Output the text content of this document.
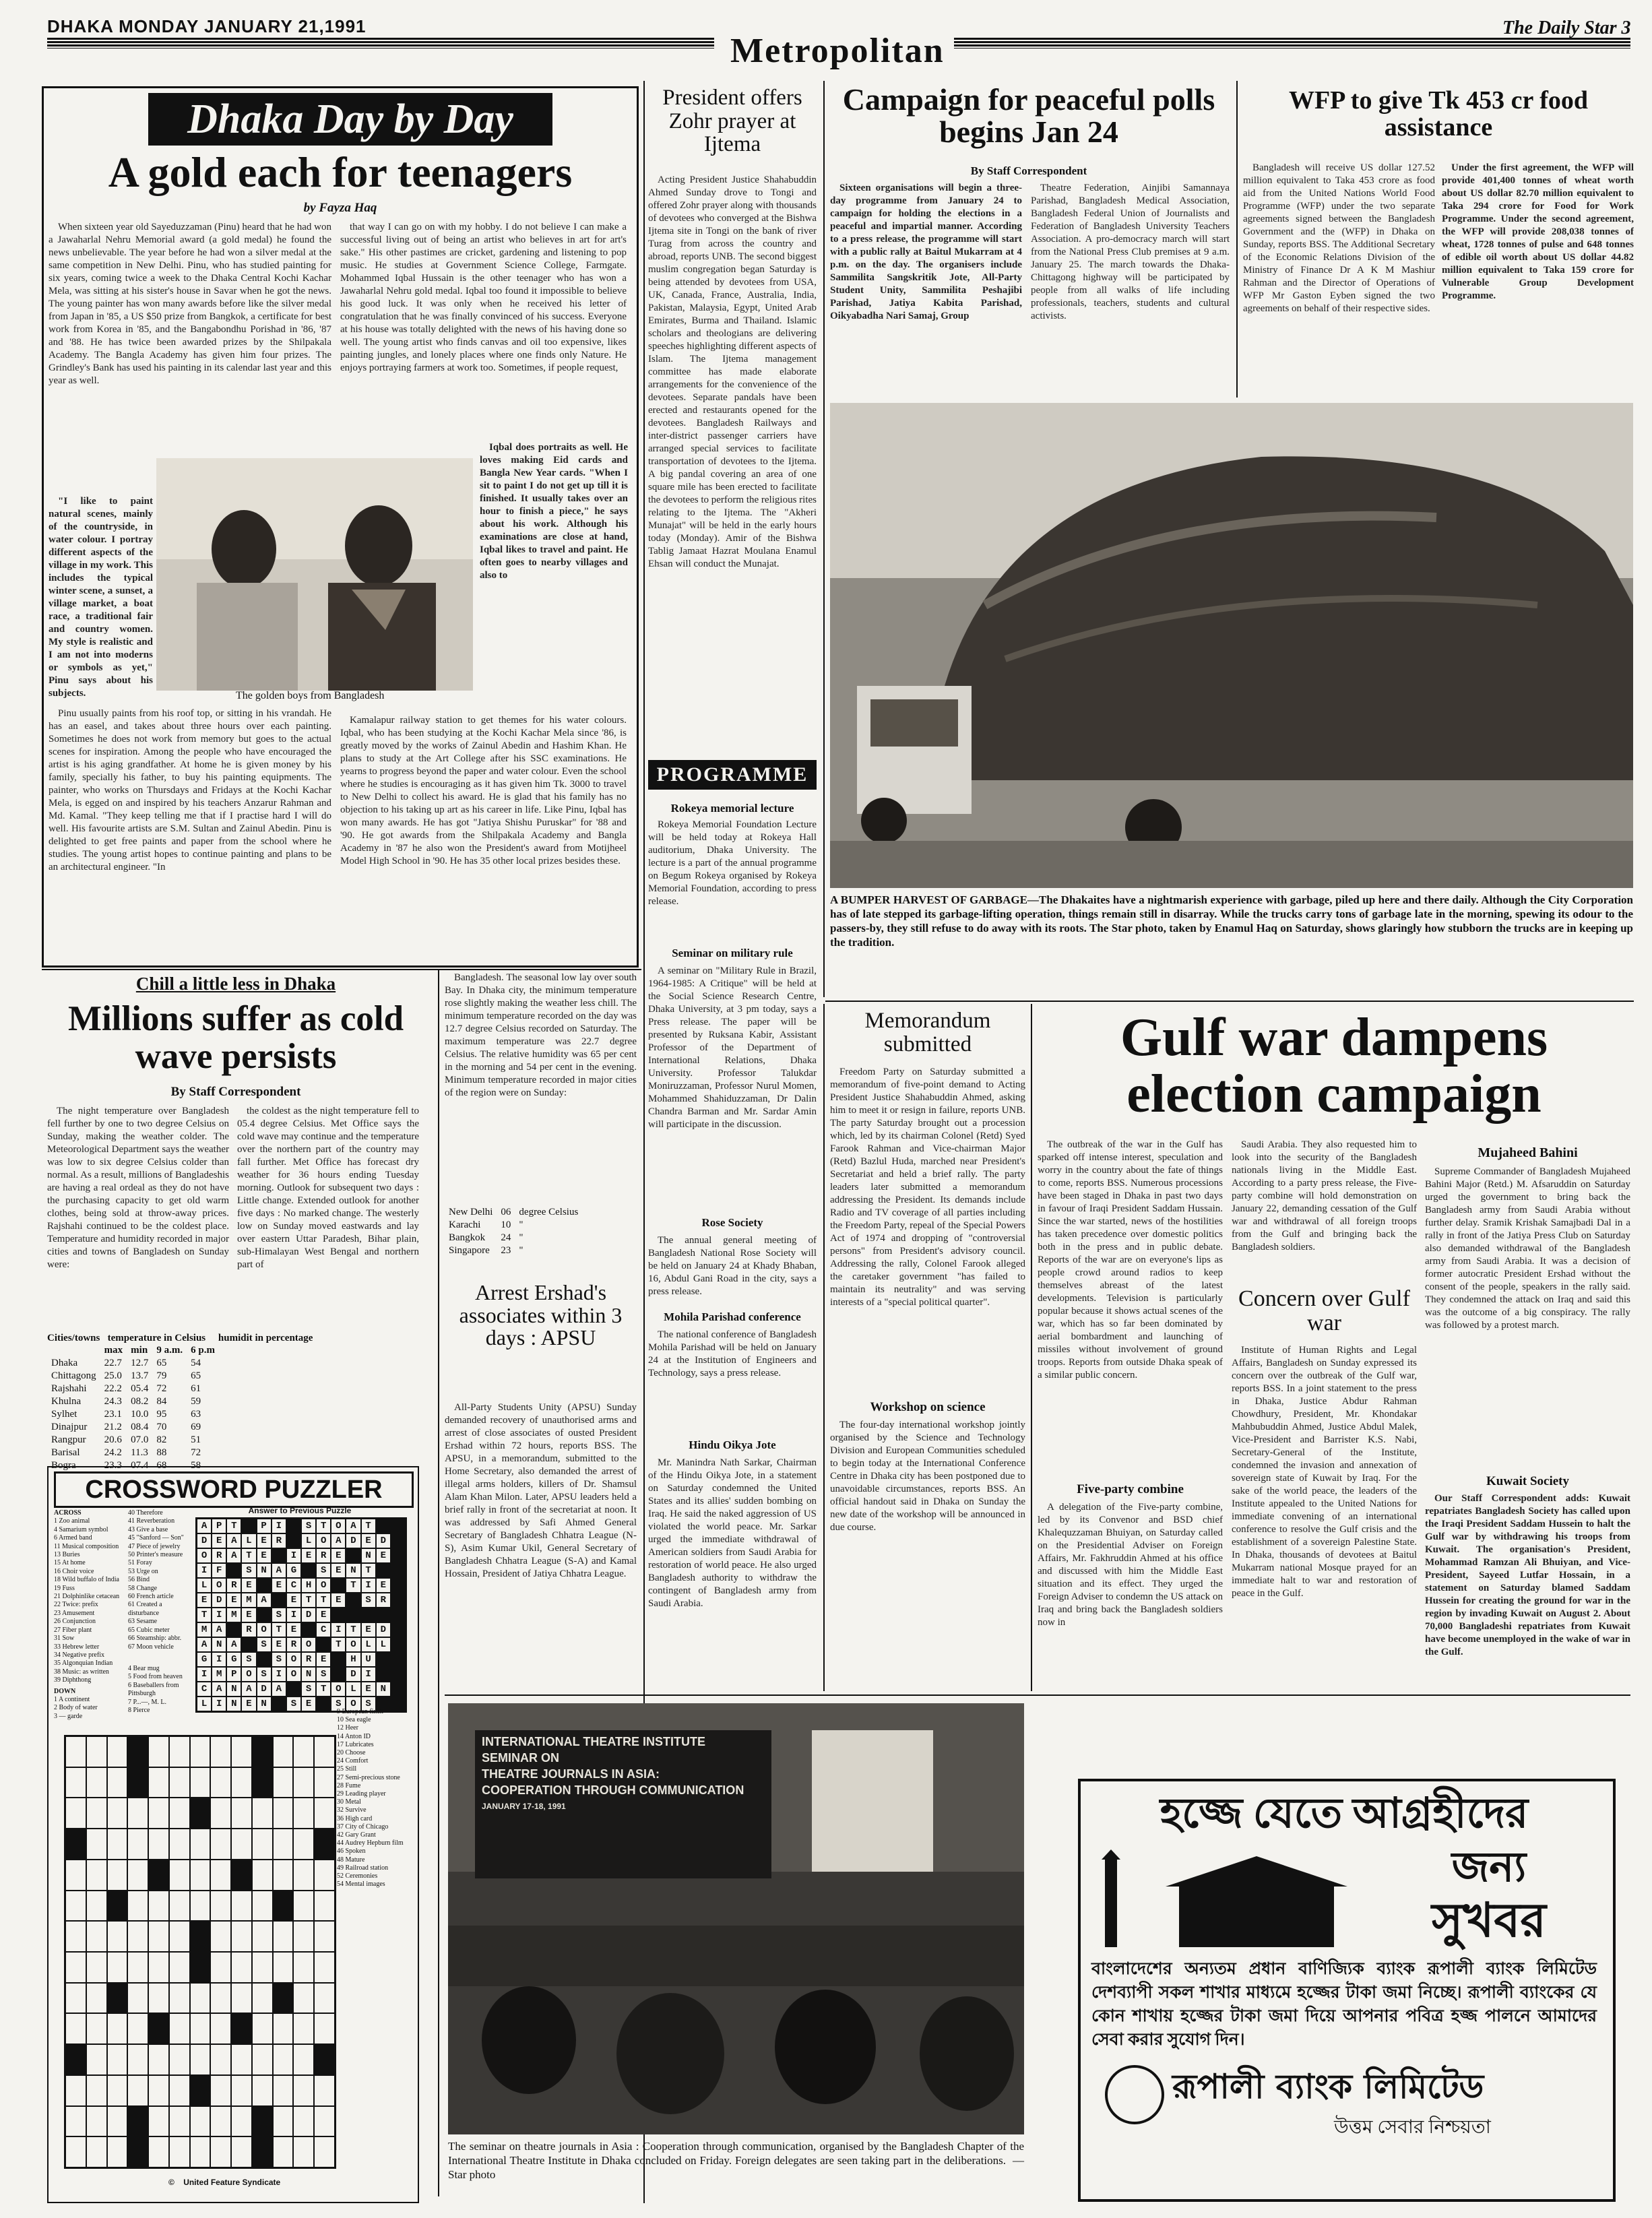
DHAKA MONDAY JANUARY 21,1991
Metropolitan
The Daily Star 3
Dhaka Day by Day
A gold each for teenagers
by Fayza Haq

When sixteen year old Sayeduzzaman (Pinu) heard that he had won a Jawaharlal Nehru Memorial award (a gold medal) he found the news unbelievable. The year before he had won a silver medal at the same competition in New Delhi. Pinu, who has studied painting for six years, coming twice a week to the Dhaka Central Kochi Kachar Mela, was sitting at his sister's house in Savar when he got the news. The young painter has won many awards before like the silver medal from Japan in '85, a US $50 prize from Bangkok, a certificate for best work from Korea in '85, and the Bangabondhu Porishad in '86, '87 and '88. He has twice been awarded prizes by the Shilpakala Academy. The Bangla Academy has given him four prizes. The Grindley's Bank has used his painting in its calendar last year and this year as well.

that way I can go on with my hobby. I do not believe I can make a successful living out of being an artist who believes in art for art's sake." His other pastimes are cricket, gardening and listening to pop music. He studies at Government Science College, Farmgate. Mohammed Iqbal Hussain is the other teenager who has won a Jawaharlal Nehru gold medal. Iqbal too found it impossible to believe his good luck. It was only when he received his letter of congratulation that he was finally convinced of his success. Everyone at his house was totally delighted with the news of his having done so well. The young artist who finds canvas and oil too expensive, likes painting jungles, and lonely places where one finds only Nature. He enjoys portraying farmers at work too. Sometimes, if people request,

"I like to paint natural scenes, mainly of the countryside, in water colour. I portray different aspects of the village in my work. This includes the typical winter scene, a sunset, a village market, a boat race, a traditional fair and country women. My style is realistic and I am not into moderns or symbols as yet," Pinu says about his subjects.	The golden boys from Bangladesh

Iqbal does portraits as well. He loves making Eid cards and Bangla New Year cards. "When I sit to paint I do not get up till it is finished. It usually takes over an hour to finish a piece," he says about his work. Although his examinations are close at hand, Iqbal likes to travel and paint. He often goes to nearby villages and also to

Pinu usually paints from his roof top, or sitting in his vrandah. He has an easel, and takes about three hours over each painting. Sometimes he does not work from memory but goes to the actual scenes for inspiration. Among the people who have encouraged the artist is his aging grandfather. At home he is given money by his family, specially his father, to buy his painting equipments. The painter, who works on Thursdays and Fridays at the Kochi Kachar Mela, is egged on and inspired by his teachers Anzarur Rahman and Md. Kamal. "They keep telling me that if I practise hard I will do well. His favourite artists are S.M. Sultan and Zainul Abedin. Pinu is delighted to get free paints and paper from the school where he studies. The young artist hopes to continue painting and plans to be an architectural engineer. "In

Kamalapur railway station to get themes for his water colours. Iqbal, who has been studying at the Kochi Kachar Mela since '86, is greatly moved by the works of Zainul Abedin and Hashim Khan. He plans to study at the Art College after his SSC examinations. He yearns to progress beyond the paper and water colour. Even the school where he studies is encouraging as it has given him Tk. 3000 to travel to New Delhi to collect his award. He is glad that his family has no objection to his taking up art as his career in life. Like Pinu, Iqbal has won many awards. He has got "Jatiya Shishu Puruskar" for '88 and '90. He got awards from the Shilpakala Academy and Bangla Academy in '87 he also won the President's award from Motijheel Model High School in '90. He has 35 other local prizes besides these.

President offers Zohr prayer at Ijtema

Acting President Justice Shahabuddin Ahmed Sunday drove to Tongi and offered Zohr prayer along with thousands of devotees who converged at the Bishwa Ijtema site in Tongi on the bank of river Turag from across the country and abroad, reports UNB. The second biggest muslim congregation began Saturday is being attended by devotees from USA, UK, Canada, France, Australia, India, Pakistan, Malaysia, Egypt, United Arab Emirates, Burma and Thailand. Islamic scholars and theologians are delivering speeches highlighting different aspects of Islam. The Ijtema management committee has made elaborate arrangements for the convenience of the devotees. Separate pandals have been erected and restaurants opened for the devotees. Bangladesh Railways and inter-district passenger carriers have arranged special services to facilitate transportation of devotees to the Ijtema. A big pandal covering an area of one square mile has been erected to facilitate the devotees to perform the religious rites relating to the Ijtema. The "Akheri Munajat" will be held in the early hours today (Monday). Amir of the Bishwa Tablig Jamaat Hazrat Moulana Enamul Ehsan will conduct the Munajat.

PROGRAMME
Rokeya memorial lecture

Rokeya Memorial Foundation Lecture will be held today at Rokeya Hall auditorium, Dhaka University. The lecture is a part of the annual programme on Begum Rokeya organised by Rokeya Memorial Foundation, according to press release.

Seminar on military rule

A seminar on "Military Rule in Brazil, 1964-1985: A Critique" will be held at the Social Science Research Centre, Dhaka University, at 3 pm today, says a Press release. The paper will be presented by Ruksana Kabir, Assistant Professor of the Department of International Relations, Dhaka University. Professor Talukdar Moniruzzaman, Professor Nurul Momen, Mohammed Shahiduzzaman, Dr Dalin Chandra Barman and Mr. Sardar Amin will participate in the discussion.

Rose Society

The annual general meeting of Bangladesh National Rose Society will be held on January 24 at Khady Bhaban, 16, Abdul Gani Road in the city, says a press release.

Mohila Parishad conference

The national conference of Bangladesh Mohila Parishad will be held on January 24 at the Institution of Engineers and Technology, says a press release.

Hindu Oikya Jote

Mr. Manindra Nath Sarkar, Chairman of the Hindu Oikya Jote, in a statement on Saturday condemned the United States and its allies' sudden bombing on Iraq. He said the naked aggression of US violated the world peace. Mr. Sarkar urged the immediate withdrawal of American soldiers from Saudi Arabia for restoration of world peace. He also urged Bangladesh authority to withdraw the contingent of Bangladesh army from Saudi Arabia.

Campaign for peaceful polls begins Jan 24
By Staff Correspondent

Sixteen organisations will begin a three-day programme from January 24 to campaign for holding the elections in a peaceful and impartial manner. According to a press release, the programme will start with a public rally at Baitul Mukarram at 4 p.m. on the day. The organisers include Sammilita Sangskritik Jote, All-Party Student Unity, Sammilita Peshajibi Parishad, Jatiya Kabita Parishad, Oikyabadha Nari Samaj, Group

Theatre Federation, Ainjibi Samannaya Parishad, Bangladesh Medical Association, Bangladesh Federal Union of Journalists and Federation of Bangladesh University Teachers Association. A pro-democracy march will start from the National Press Club premises at 9 a.m. January 25. The march towards the Dhaka-Chittagong highway will be participated by people from all walks of life including professionals, teachers, students and cultural activists.

WFP to give Tk 453 cr food assistance

Bangladesh will receive US dollar 127.52 million equivalent to Taka 453 crore as food aid from the United Nations World Food Programme (WFP) under the two separate agreements signed between the Bangladesh Government and the (WFP) in Dhaka on Sunday, reports BSS. The Additional Secretary of the Economic Relations Division of the Ministry of Finance Dr A K M Mashiur Rahman and the Director of Operations of WFP Mr Gaston Eyben signed the two agreements on behalf of their respective sides.

Under the first agreement, the WFP will provide 401,400 tonnes of wheat worth about US dollar 82.70 million equivalent to Taka 294 crore for Food for Work Programme. Under the second agreement, the WFP will provide 208,038 tonnes of wheat, 1728 tonnes of pulse and 648 tonnes of edible oil worth about US dollar 44.82 million equivalent to Taka 159 crore for Vulnerable Group Development Programme.

A BUMPER HARVEST OF GARBAGE—The Dhakaites have a nightmarish experience with garbage, piled up here and there daily. Although the City Corporation has of late stepped its garbage-lifting operation, things remain still in disarray. While the trucks carry tons of garbage late in the morning, spewing its odour to the passers-by, they still refuse to do away with its roots. The Star photo, taken by Enamul Haq on Saturday, shows glaringly how stubborn the trucks are in keeping up the tradition.
Chill a little less in Dhaka
Millions suffer as cold wave persists
By Staff Correspondent

The night temperature over Bangladesh fell further by one to two degree Celsius on Sunday, making the weather colder. The Meteorological Department says the weather was low to six degree Celsius colder than normal. As a result, millions of Bangladeshis are having a real ordeal as they do not have the purchasing capacity to get old warm clothes, being sold at throw-away prices. Rajshahi continued to be the coldest place. Temperature and humidity recorded in major cities and towns of Bangladesh on Sunday were:

the coldest as the night temperature fell to 05.4 degree Celsius. Met Office says the cold wave may continue and the temperature over the northern part of the country may fall further. Met Office has forecast dry weather for 36 hours ending Tuesday morning. Outlook for subsequent two days : Little change. Extended outlook for another five days : No marked change. The westerly low on Sunday moved eastwards and lay over eastern Uttar Paradesh, Bihar plain, sub-Himalayan West Bengal and northern part of

Bangladesh. The seasonal low lay over south Bay. In Dhaka city, the minimum temperature rose slightly making the weather less chill. The minimum temperature recorded on the day was 12.7 degree Celsius recorded on Saturday. The maximum temperature was 22.7 degree Celsius. The relative humidity was 65 per cent in the morning and 54 per cent in the evening. Minimum temperature recorded in major cities of the region were on Sunday:

New Delhi	06	degree Celsius
Karachi	10	"
Bangkok	24	"
Singapore	23	"
Cities/towns temperature in Celsius humidit in percentage
	max	min	9 a.m.	6 p.m
Dhaka	22.7	12.7	65	54
Chittagong	25.0	13.7	79	65
Rajshahi	22.2	05.4	72	61
Khulna	24.3	08.2	84	59
Sylhet	23.1	10.0	95	63
Dinajpur	21.2	08.4	70	69
Rangpur	20.6	07.0	82	51
Barisal	24.2	11.3	88	72
Bogra	23.3	07.4	68	58
CROSSWORD PUZZLER
ACROSS
1 Zoo animal
4 Samarium symbol
6 Armed band
11 Musical composition
13 Buries
15 At home
16 Choir voice
18 Wild buffalo of India
19 Fuss
21 Dolphinlike cetacean
22 Twice: prefix
23 Amusement
26 Conjunction
27 Fiber plant
31 Sow
33 Hebrew letter
34 Negative prefix
35 Algonquian Indian
38 Music: as written
39 Diphthong
DOWN
1 A continent
2 Body of water
3 — garde
40 Therefore
41 Reverberation
43 Give a base
45 "Sanford — Son"
47 Piece of jewelry
50 Printer's measure
51 Foray
53 Urge on
56 Bind
58 Change
60 French article
61 Created a disturbance
63 Sesame
65 Cubic meter
66 Steamship: abbr.
67 Moon vehicle
4 Bear mug
5 Food from heaven
6 Baseballers from Pittsburgh
7 P...—, M. L.
8 Pierce
Answer to Previous Puzzle
A P T	P I	S T O A T
D E A L E R	L O A D E D
O R A T E	I E R E	N E
I F	S N A G	S E N T
L O R E	E C H O	T I E
E D E M A	E T T E	S R
T I M E	S I D E
M A	R O T E	C I T E D
A N A	S E R O	T O L L
G I G S	S O R E	H U
I M P O S I O N S	D I
C A N A D A	S T O L E N
L I N E N	S E	S O S
9 European finch
10 Sea eagle
12 Heer
14 Anton ID
17 Lubricates
20 Choose
24 Comfort
25 Still
27 Semi-precious stone
28 Fume
29 Leading player
30 Metal
32 Survive
36 High card
37 City of Chicago
42 Gary Grant
44 Audrey Hepburn film
46 Spoken
48 Mature
49 Railroad station
52 Ceremonies
54 Mental images
© United Feature Syndicate
Arrest Ershad's associates within 3 days : APSU

All-Party Students Unity (APSU) Sunday demanded recovery of unauthorised arms and arrest of close associates of ousted President Ershad within 72 hours, reports BSS. The APSU, in a memorandum, submitted to the Home Secretary, also demanded the arrest of illegal arms holders, killers of Dr. Shamsul Alam Khan Milon. Later, APSU leaders held a brief rally in front of the secretariat at noon. It was addressed by Safi Ahmed General Secretary of Bangladesh Chhatra League (N-S), Asim Kumar Ukil, General Secretary of Bangladesh Chhatra League (S-A) and Kamal Hossain, President of Jatiya Chhatra League.

Memorandum submitted

Freedom Party on Saturday submitted a memorandum of five-point demand to Acting President Justice Shahabuddin Ahmed, asking him to meet it or resign in failure, reports UNB. The party Saturday brought out a procession which, led by its chairman Colonel (Retd) Syed Farook Rahman and Vice-chairman Major (Retd) Bazlul Huda, marched near President's Secretariat and held a brief rally. The party leaders later submitted a memorandum addressing the President. Its demands include Radio and TV coverage of all parties including the Freedom Party, repeal of the Special Powers Act of 1974 and dropping of "controversial persons" from President's advisory council. Addressing the rally, Colonel Farook alleged the caretaker government "has failed to maintain its neutrality" and was serving interests of a "special political quarter".

Workshop on science

The four-day international workshop jointly organised by the Science and Technology Division and European Communities scheduled to begin today at the International Conference Centre in Dhaka city has been postponed due to unavoidable circumstances, reports BSS. An official handout said in Dhaka on Sunday the new date of the workshop will be announced in due course.

Gulf war dampens election campaign

The outbreak of the war in the Gulf has sparked off intense interest, speculation and worry in the country about the fate of things to come, reports BSS. Numerous processions have been staged in Dhaka in past two days in favour of Iraqi President Saddam Hussain. Since the war started, news of the hostilities has taken precedence over domestic politics both in the press and in public debate. Reports of the war are on everyone's lips as people crowd around radios to keep themselves abreast of the latest developments. Television is particularly popular because it shows actual scenes of the war, which has so far been dominated by aerial bombardment and launching of missiles without involvement of ground troops. Reports from outside Dhaka speak of a similar public concern.

Five-party combine

A delegation of the Five-party combine, led by its Convenor and BSD chief Khalequzzaman Bhuiyan, on Saturday called on the Presidential Adviser on Foreign Affairs, Mr. Fakhruddin Ahmed at his office and discussed with him the Middle East situation and its effect. They urged the Foreign Adviser to condemn the US attack on Iraq and bring back the Bangladesh soldiers now in

Saudi Arabia. They also requested him to look into the security of the Bangladesh nationals living in the Middle East. According to a party press release, the Five-party combine will hold demonstration on January 22, demanding cessation of the Gulf war and withdrawal of all foreign troops from the Gulf and bringing back the Bangladesh soldiers.

Concern over Gulf war

Institute of Human Rights and Legal Affairs, Bangladesh on Sunday expressed its concern over the outbreak of the Gulf war, reports BSS. In a joint statement to the press in Dhaka, Justice Abdur Rahman Chowdhury, President, Mr. Khondakar Mahbubuddin Ahmed, Justice Abdul Malek, Vice-President and Barrister K.S. Nabi, Secretary-General of the Institute, condemned the invasion and annexation of sovereign state of Kuwait by Iraq. For the sake of the world peace, the leaders of the Institute appealed to the United Nations for immediate convening of an international conference to resolve the Gulf crisis and the establishment of a sovereign Palestine State. In Dhaka, thousands of devotees at Baitul Mukarram national Mosque prayed for an immediate halt to war and restoration of peace in the Gulf.

Mujaheed Bahini

Supreme Commander of Bangladesh Mujaheed Bahini Major (Retd.) M. Afsaruddin on Saturday urged the government to bring back the Bangladesh army from Saudi Arabia without further delay. Sramik Krishak Samajbadi Dal in a rally in front of the Jatiya Press Club on Saturday also demanded withdrawal of the Bangladesh army from Saudi Arabia. It was a decision of former autocratic President Ershad without the consent of the people, speakers in the rally said. They condemned the attack on Iraq and said this was the outcome of a big conspiracy. The rally was followed by a protest march.

Kuwait Society

Our Staff Correspondent adds: Kuwait repatriates Bangladesh Society has called upon the Iraqi President Saddam Hussein to halt the Gulf war by withdrawing his troops from Kuwait. The organisation's President, Mohammad Ramzan Ali Bhuiyan, and Vice-President, Sayeed Lutfar Hossain, in a statement on Saturday blamed Saddam Hussein for creating the ground for war in the region by invading Kuwait on August 2. About 70,000 Bangladeshi repatriates from Kuwait have become unemployed in the wake of war in the Gulf.

INTERNATIONAL THEATRE INSTITUTE
SEMINAR ON
THEATRE JOURNALS IN ASIA:
COOPERATION THROUGH COMMUNICATION
JANUARY 17-18, 1991
The seminar on theatre journals in Asia : Cooperation through communication, organised by the Bangladesh Chapter of the International Theatre Institute in Dhaka concluded on Friday. Foreign delegates are seen taking part in the deliberations. —Star photo
হজ্জে যেতে আগ্রহীদের
জন্য
সুখবর
বাংলাদেশের অন্যতম প্রধান বাণিজ্যিক ব্যাংক রূপালী ব্যাংক লিমিটেড দেশব্যাপী সকল শাখার মাধ্যমে হজ্জের টাকা জমা নিচ্ছে। রূপালী ব্যাংকের যে কোন শাখায় হজ্জের টাকা জমা দিয়ে আপনার পবিত্র হজ্জ পালনে আমাদের সেবা করার সুযোগ দিন।
রূপালী ব্যাংক লিমিটেড
উত্তম সেবার নিশ্চয়তা
